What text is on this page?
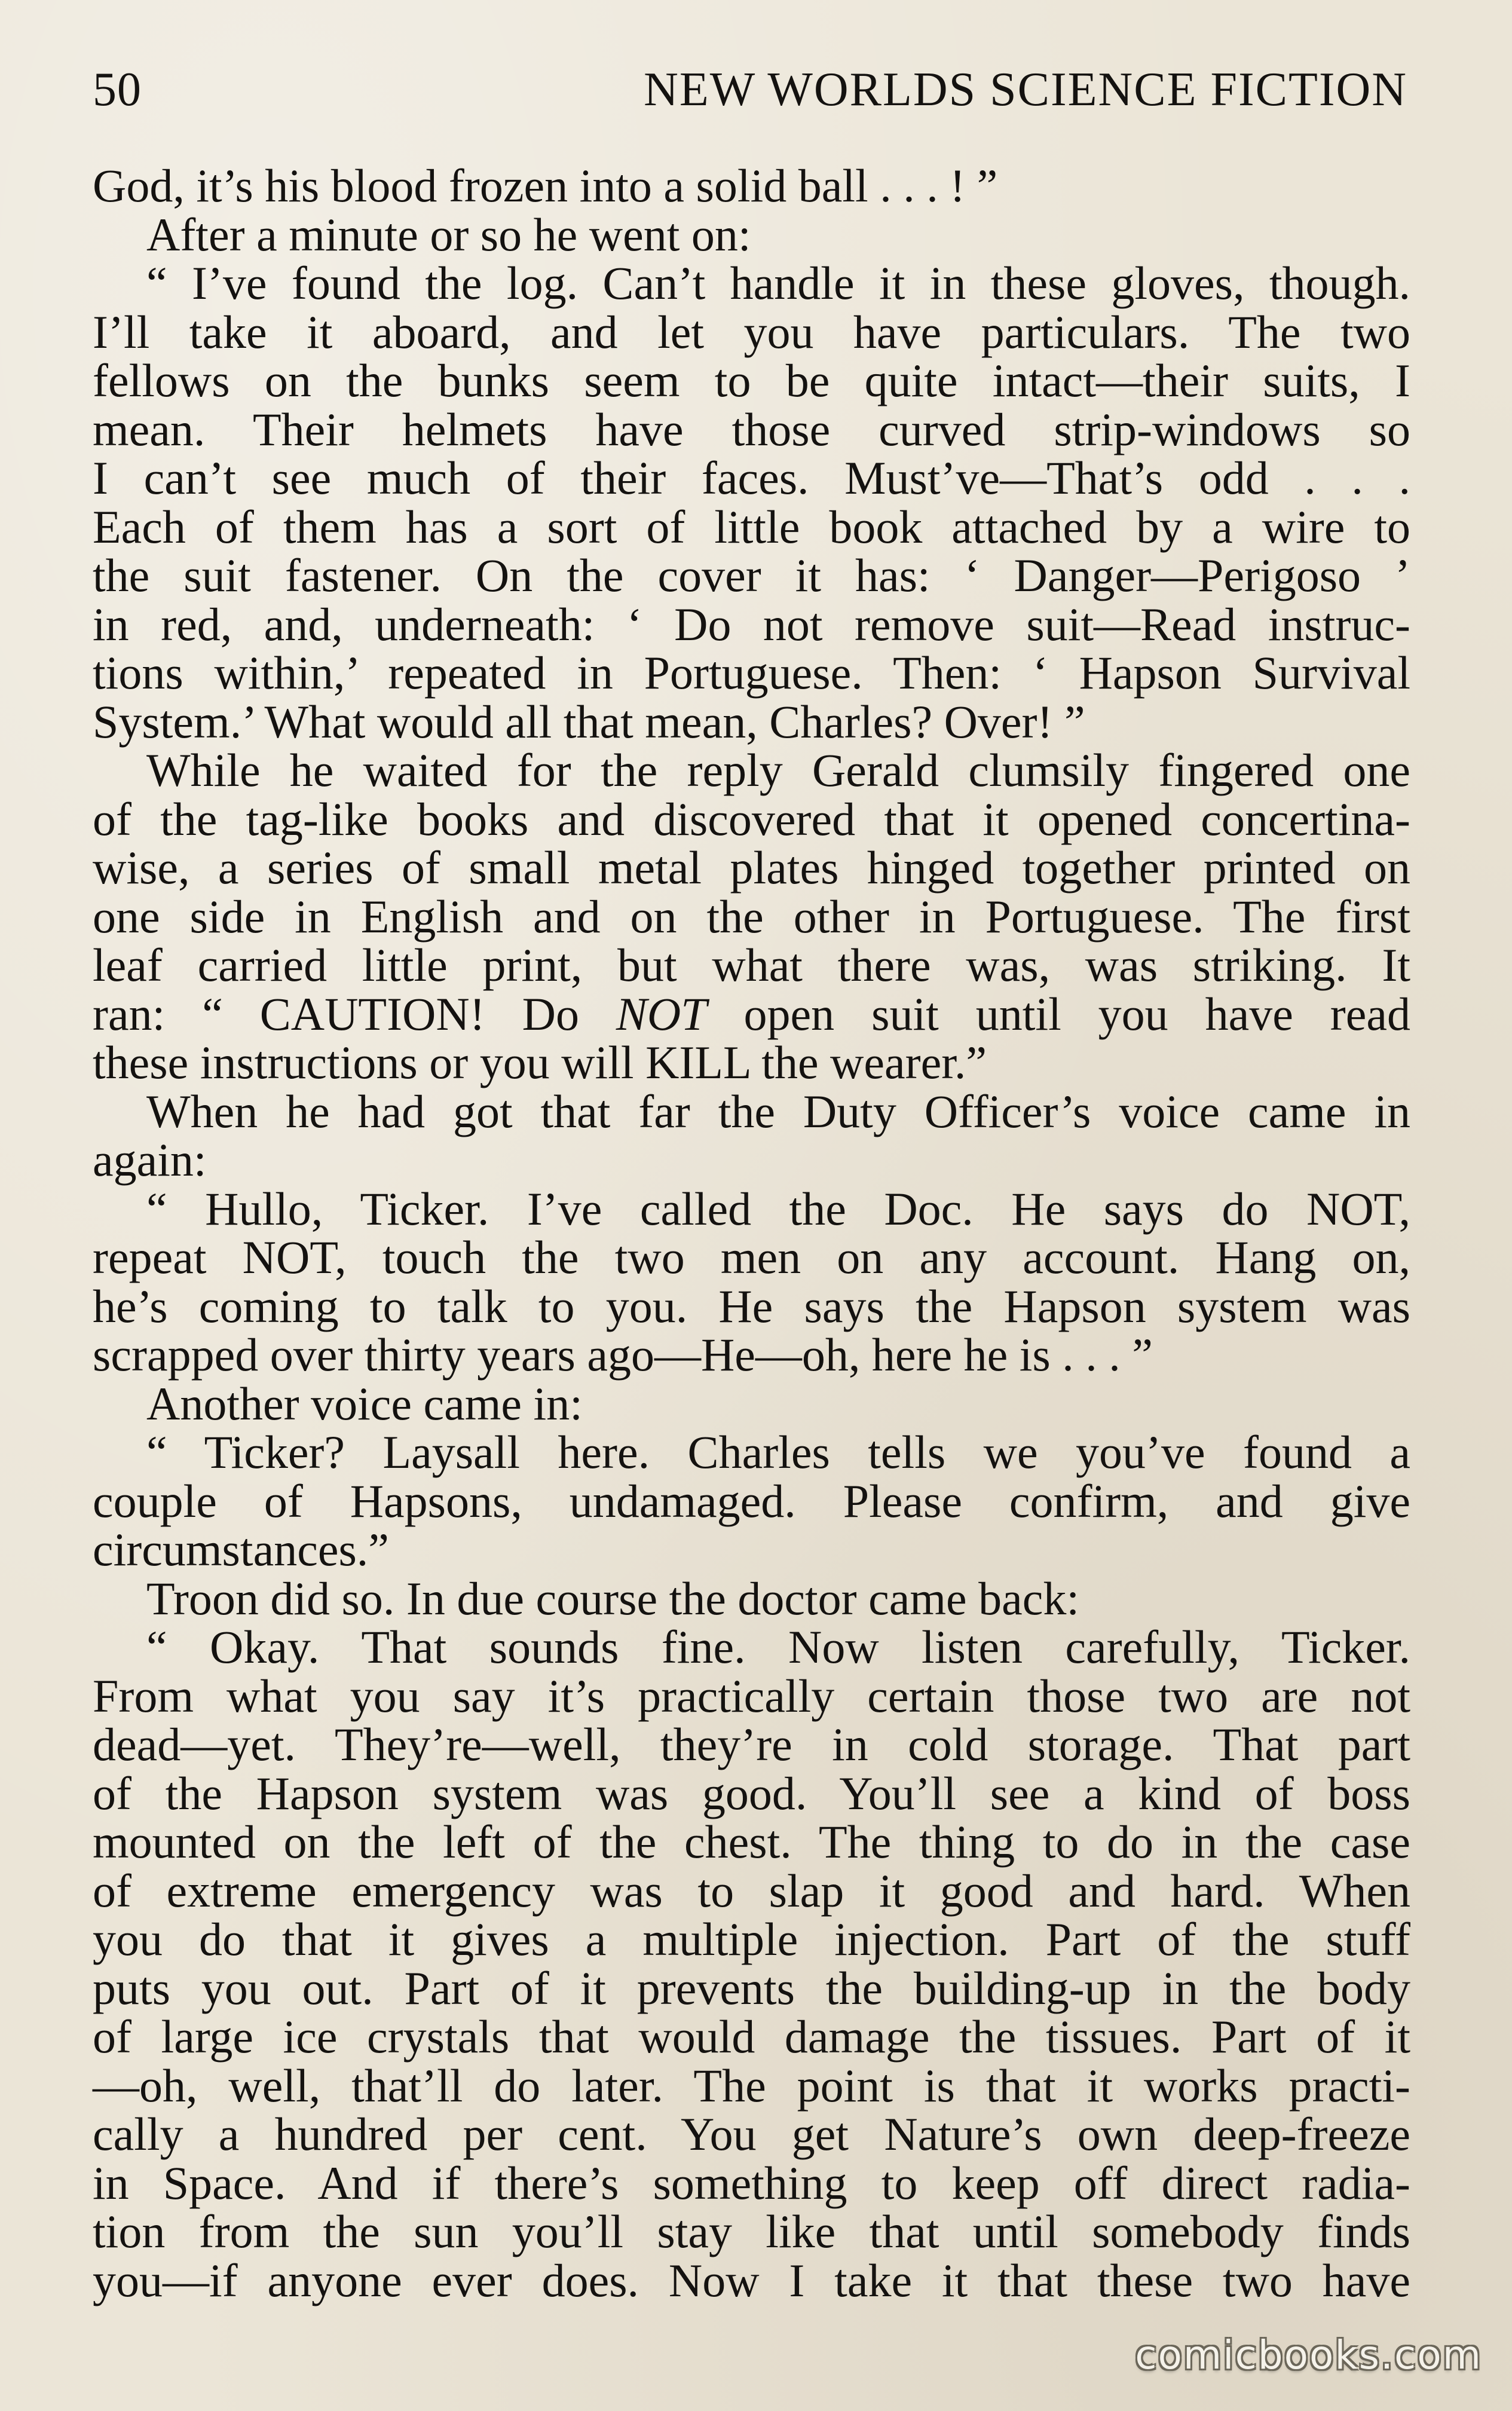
50	NEW WORLDS SCIENCE FICTION
God, it’s his blood frozen into a solid ball . . . ! ”
After a minute or so he went on:
“ I’ve found the log. Can’t handle it in these gloves, though.
I’ll take it aboard, and let you have particulars. The two
fellows on the bunks seem to be quite intact—their suits, I
mean. Their helmets have those curved strip-windows so
I can’t see much of their faces. Must’ve—That’s odd . . .
Each of them has a sort of little book attached by a wire to
the suit fastener. On the cover it has: ‘ Danger—Perigoso ’
in red, and, underneath: ‘ Do not remove suit—Read instruc-
tions within,’ repeated in Portuguese. Then: ‘ Hapson Survival
System.’ What would all that mean, Charles? Over! ”
While he waited for the reply Gerald clumsily fingered one
of the tag-like books and discovered that it opened concertina-
wise, a series of small metal plates hinged together printed on
one side in English and on the other in Portuguese. The first
leaf carried little print, but what there was, was striking. It
ran: “ CAUTION! Do NOT open suit until you have read
these instructions or you will KILL the wearer.”
When he had got that far the Duty Officer’s voice came in
again:
“ Hullo, Ticker. I’ve called the Doc. He says do NOT,
repeat NOT, touch the two men on any account. Hang on,
he’s coming to talk to you. He says the Hapson system was
scrapped over thirty years ago—He—oh, here he is . . . ”
Another voice came in:
“ Ticker? Laysall here. Charles tells we you’ve found a
couple of Hapsons, undamaged. Please confirm, and give
circumstances.”
Troon did so. In due course the doctor came back:
“ Okay. That sounds fine. Now listen carefully, Ticker.
From what you say it’s practically certain those two are not
dead—yet. They’re—well, they’re in cold storage. That part
of the Hapson system was good. You’ll see a kind of boss
mounted on the left of the chest. The thing to do in the case
of extreme emergency was to slap it good and hard. When
you do that it gives a multiple injection. Part of the stuff
puts you out. Part of it prevents the building-up in the body
of large ice crystals that would damage the tissues. Part of it
—oh, well, that’ll do later. The point is that it works practi-
cally a hundred per cent. You get Nature’s own deep-freeze
in Space. And if there’s something to keep off direct radia-
tion from the sun you’ll stay like that until somebody finds
you—if anyone ever does. Now I take it that these two have
comicbooks.com
